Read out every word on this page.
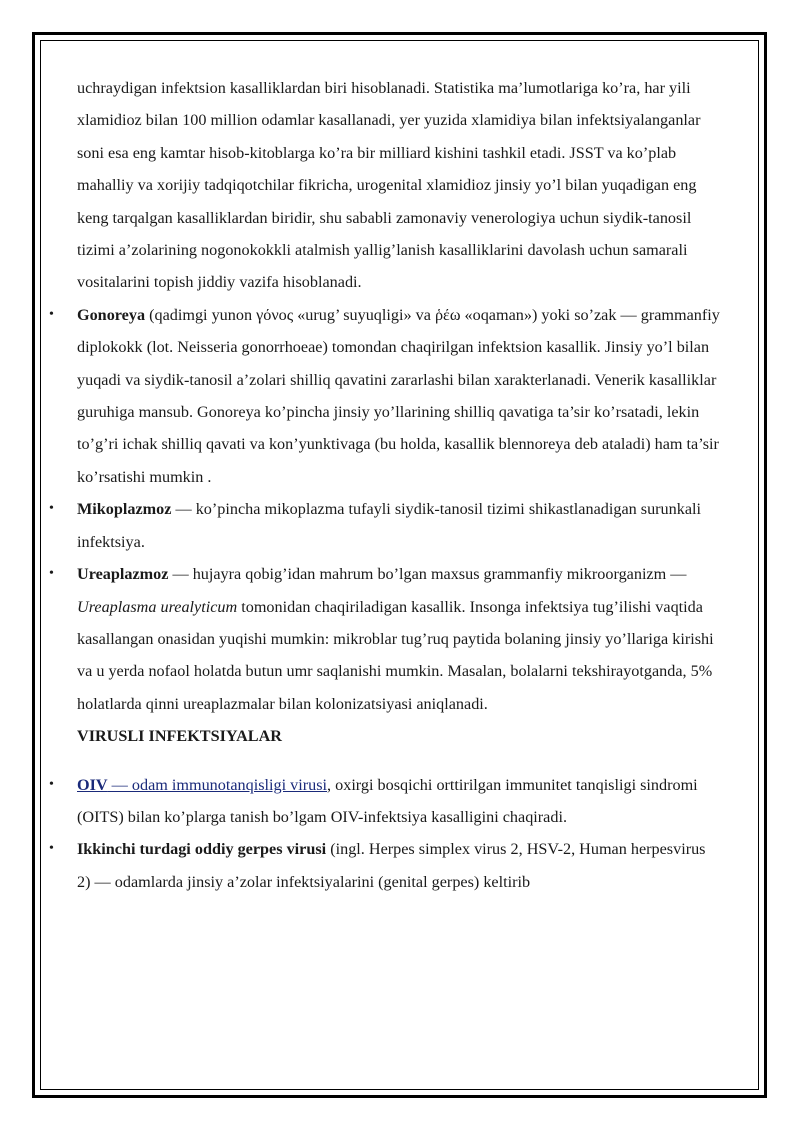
uchraydigan infektsion kasalliklardan biri hisoblanadi. Statistika ma’lumotlariga ko’ra, har yili xlamidioz bilan 100 million odamlar kasallanadi, yer yuzida xlamidiya bilan infektsiyalanganlar soni esa eng kamtar hisob-kitoblarga ko’ra bir milliard kishini tashkil etadi. JSST va ko’plab mahalliy va xorijiy tadqiqotchilar fikricha, urogenital xlamidioz jinsiy yo’l bilan yuqadigan eng keng tarqalgan kasalliklardan biridir, shu sababli zamonaviy venerologiya uchun siydik-tanosil tizimi a’zolarining nogonokokkli atalmish yallig’lanish kasalliklarini davolash uchun samarali vositalarini topish jiddiy vazifa hisoblanadi.

• Gonoreya (qadimgi yunon γόνος «urug’ suyuqligi» va ῥέω «oqaman») yoki so’zak — grammanfiy diplokokk (lot. Neisseria gonorrhoeae) tomondan chaqirilgan infektsion kasallik. Jinsiy yo’l bilan yuqadi va siydik-tanosil a’zolari shilliq qavatini zararlashi bilan xarakterlanadi. Venerik kasalliklar guruhiga mansub. Gonoreya ko’pincha jinsiy yo’llarining shilliq qavatiga ta’sir ko’rsatadi, lekin to’g’ri ichak shilliq qavati va kon’yunktivaga (bu holda, kasallik blennoreya deb ataladi) ham ta’sir ko’rsatishi mumkin .
• Mikoplazmoz — ko’pincha mikoplazma tufayli siydik-tanosil tizimi shikastlanadigan surunkali infektsiya.
• Ureaplazmoz — hujayra qobig’idan mahrum bo’lgan maxsus grammanfiy mikroorganizm — Ureaplasma urealyticum tomonidan chaqiriladigan kasallik. Insonga infektsiya tug’ilishi vaqtida kasallangan onasidan yuqishi mumkin: mikroblar tug’ruq paytida bolaning jinsiy yo’llariga kirishi va u yerda nofaol holatda butun umr saqlanishi mumkin. Masalan, bolalarni tekshirayotganda, 5% holatlarda qinni ureaplazmalar bilan kolonizatsiyasi aniqlanadi.

VIRUSLI INFEKTSIYALAR

• OIV — odam immunotanqisligi virusi, oxirgi bosqichi orttirilgan immunitet tanqisligi sindromi (OITS) bilan ko’plarga tanish bo’lgam OIV-infektsiya kasalligini chaqiradi.
• Ikkinchi turdagi oddiy gerpes virusi (ingl. Herpes simplex virus 2, HSV-2, Human herpesvirus 2) — odamlarda jinsiy a’zolar infektsiyalarini (genital gerpes) keltirib
